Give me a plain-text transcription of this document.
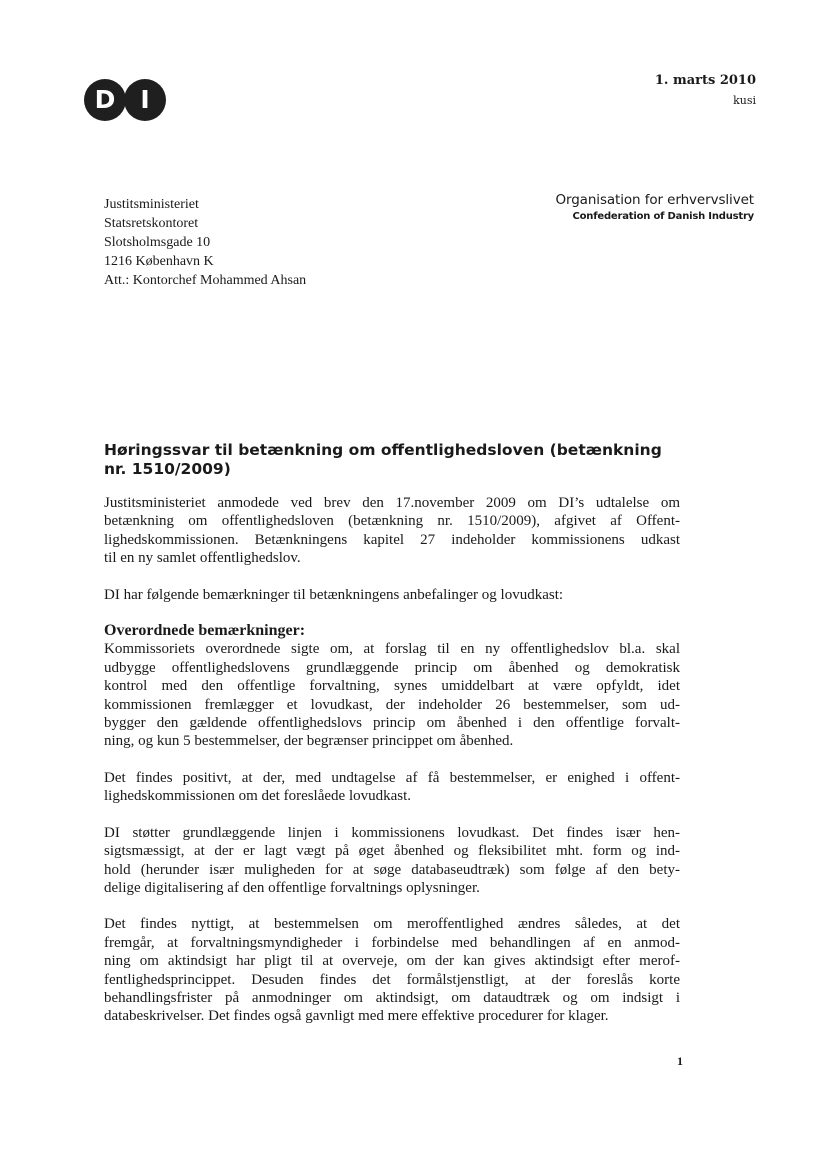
D I
1. marts 2010
kusi
Justitsministeriet
Statsretskontoret
Slotsholmsgade 10
1216 København K
Att.: Kontorchef Mohammed Ahsan
Organisation for erhvervslivet
Confederation of Danish Industry
Høringssvar til betænkning om offentlighedsloven (betænkning
nr. 1510/2009)
Justitsministeriet anmodede ved brev den 17.november 2009 om DI’s udtalelse om
betænkning om offentlighedsloven (betænkning nr. 1510/2009), afgivet af Offent-
lighedskommissionen. Betænkningens kapitel 27 indeholder kommissionens udkast
til en ny samlet offentlighedslov.
DI har følgende bemærkninger til betænkningens anbefalinger og lovudkast:
Overordnede bemærkninger:
Kommissoriets overordnede sigte om, at forslag til en ny offentlighedslov bl.a. skal
udbygge offentlighedslovens grundlæggende princip om åbenhed og demokratisk
kontrol med den offentlige forvaltning, synes umiddelbart at være opfyldt, idet
kommissionen fremlægger et lovudkast, der indeholder 26 bestemmelser, som ud-
bygger den gældende offentlighedslovs princip om åbenhed i den offentlige forvalt-
ning, og kun 5 bestemmelser, der begrænser princippet om åbenhed.
Det findes positivt, at der, med undtagelse af få bestemmelser, er enighed i offent-
lighedskommissionen om det foreslåede lovudkast.
DI støtter grundlæggende linjen i kommissionens lovudkast. Det findes især hen-
sigtsmæssigt, at der er lagt vægt på øget åbenhed og fleksibilitet mht. form og ind-
hold (herunder især muligheden for at søge databaseudtræk) som følge af den bety-
delige digitalisering af den offentlige forvaltnings oplysninger.
Det findes nyttigt, at bestemmelsen om meroffentlighed ændres således, at det
fremgår, at forvaltningsmyndigheder i forbindelse med behandlingen af en anmod-
ning om aktindsigt har pligt til at overveje, om der kan gives aktindsigt efter merof-
fentlighedsprincippet. Desuden findes det formålstjenstligt, at der foreslås korte
behandlingsfrister på anmodninger om aktindsigt, om dataudtræk og om indsigt i
databeskrivelser. Det findes også gavnligt med mere effektive procedurer for klager.
1
